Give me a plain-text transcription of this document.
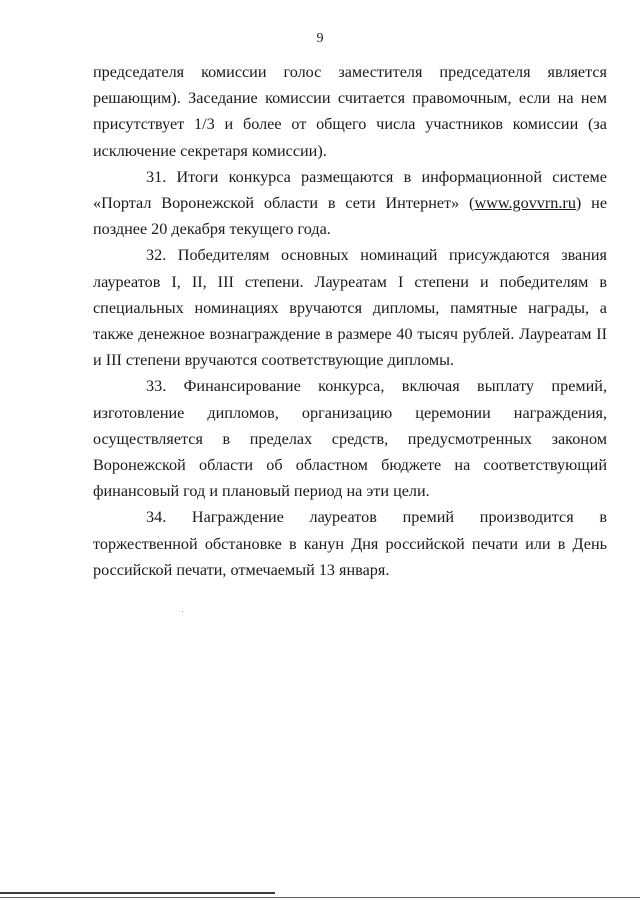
9

председателя комиссии голос заместителя председателя является решающим). Заседание комиссии считается правомочным, если на нем присутствует 1/3 и более от общего числа участников комиссии (за исключение секретаря комиссии).

31. Итоги конкурса размещаются в информационной системе «Портал Воронежской области в сети Интернет» (www.govvrn.ru) не позднее 20 декабря текущего года.

32. Победителям основных номинаций присуждаются звания лауреатов I, II, III степени. Лауреатам I степени и победителям в специальных номинациях вручаются дипломы, памятные награды, а также денежное вознаграждение в размере 40 тысяч рублей. Лауреатам II и III степени вручаются соответствующие дипломы.

33. Финансирование конкурса, включая выплату премий, изготовление дипломов, организацию церемонии награждения, осуществляется в пределах средств, предусмотренных законом Воронежской области об областном бюджете на соответствующий финансовый год и плановый период на эти цели.

34. Награждение лауреатов премий производится в торжественной обстановке в канун Дня российской печати или в День российской печати, отмечаемый 13 января.
